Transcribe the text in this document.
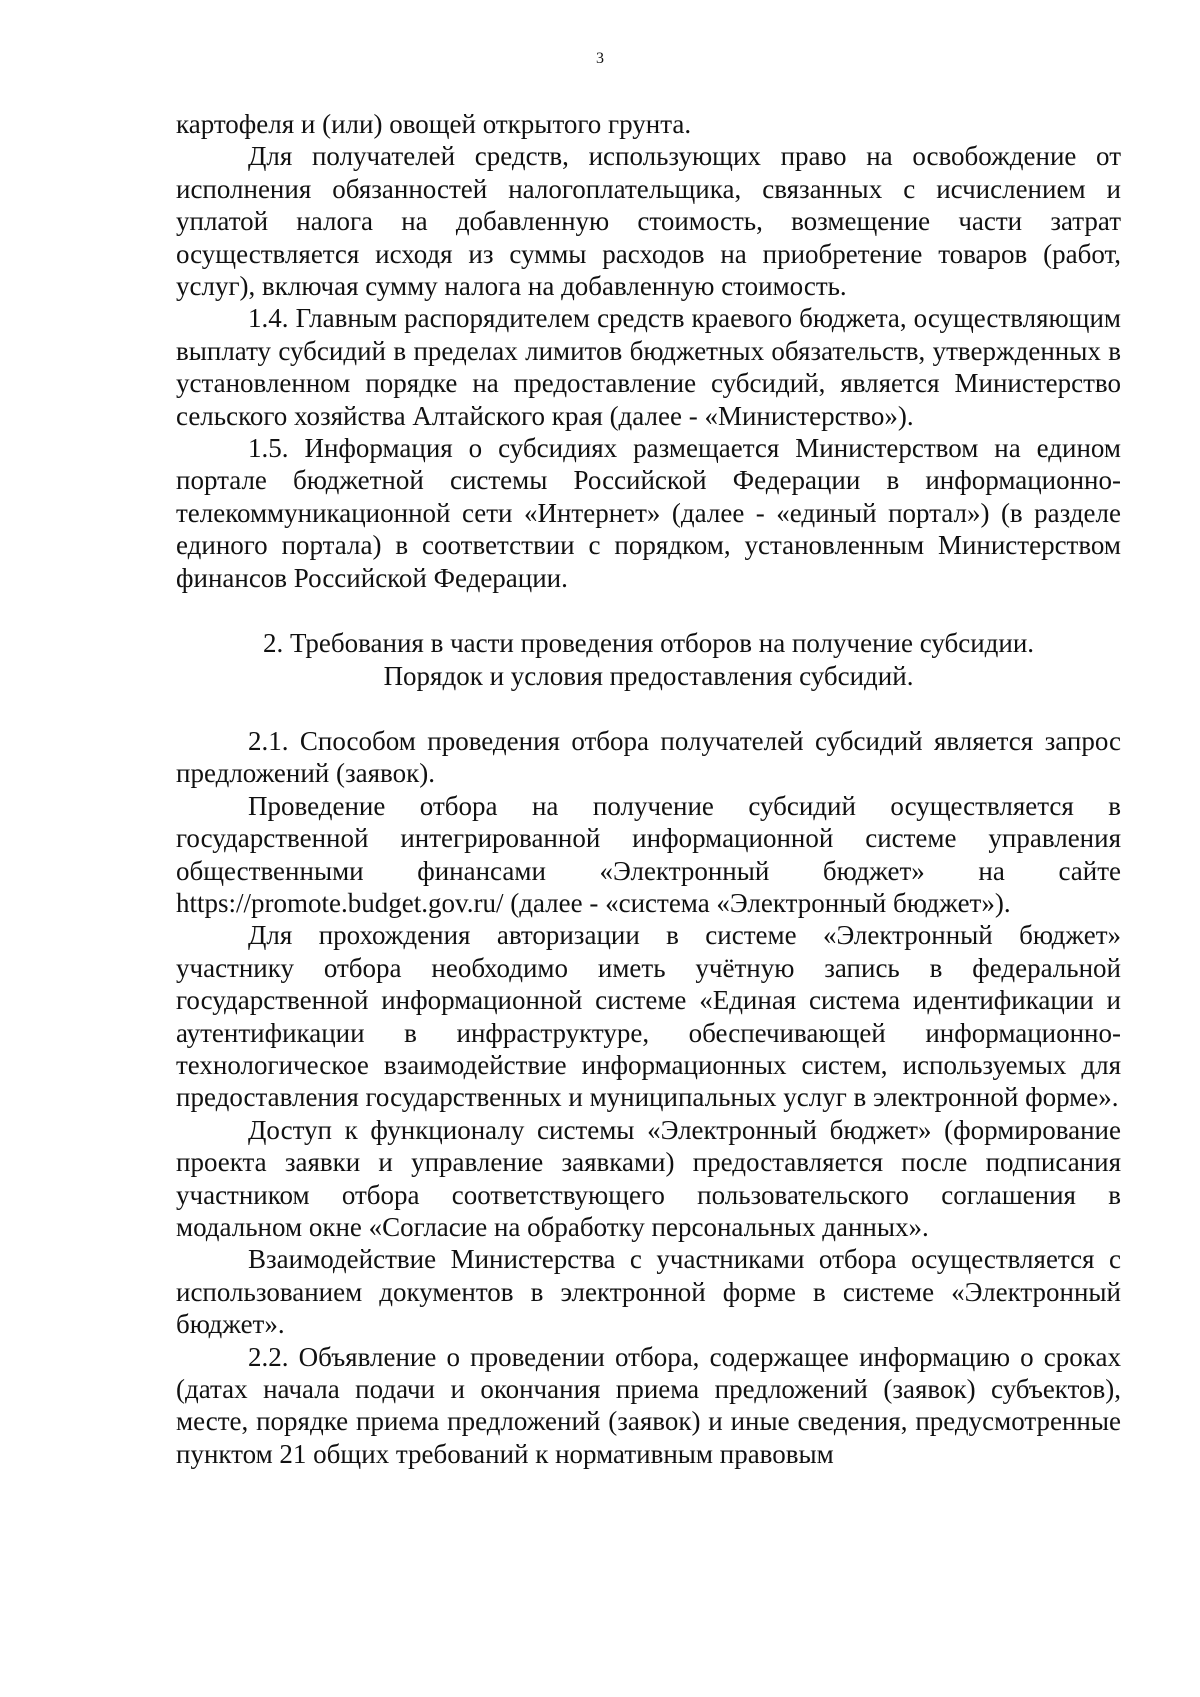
3

картофеля и (или) овощей открытого грунта.

Для получателей средств, использующих право на освобождение от исполнения обязанностей налогоплательщика, связанных с исчислением и уплатой налога на добавленную стоимость, возмещение части затрат осуществляется исходя из суммы расходов на приобретение товаров (работ, услуг), включая сумму налога на добавленную стоимость.

1.4. Главным распорядителем средств краевого бюджета, осуществляющим выплату субсидий в пределах лимитов бюджетных обязательств, утвержденных в установленном порядке на предоставление субсидий, является Министерство сельского хозяйства Алтайского края (далее - «Министерство»).

1.5. Информация о субсидиях размещается Министерством на едином портале бюджетной системы Российской Федерации в информационно-телекоммуникационной сети «Интернет» (далее - «единый портал») (в разделе единого портала) в соответствии с порядком, установленным Министерством финансов Российской Федерации.

2. Требования в части проведения отборов на получение субсидии.
Порядок и условия предоставления субсидий.

2.1. Способом проведения отбора получателей субсидий является запрос предложений (заявок).

Проведение отбора на получение субсидий осуществляется в государственной интегрированной информационной системе управления общественными финансами «Электронный бюджет» на сайте https://promote.budget.gov.ru/ (далее - «система «Электронный бюджет»).

Для прохождения авторизации в системе «Электронный бюджет» участнику отбора необходимо иметь учётную запись в федеральной государственной информационной системе «Единая система идентификации и аутентификации в инфраструктуре, обеспечивающей информационно-технологическое взаимодействие информационных систем, используемых для предоставления государственных и муниципальных услуг в электронной форме».

Доступ к функционалу системы «Электронный бюджет» (формирование проекта заявки и управление заявками) предоставляется после подписания участником отбора соответствующего пользовательского соглашения в модальном окне «Согласие на обработку персональных данных».

Взаимодействие Министерства с участниками отбора осуществляется с использованием документов в электронной форме в системе «Электронный бюджет».

2.2. Объявление о проведении отбора, содержащее информацию о сроках (датах начала подачи и окончания приема предложений (заявок) субъектов), месте, порядке приема предложений (заявок) и иные сведения, предусмотренные пунктом 21 общих требований к нормативным правовым
